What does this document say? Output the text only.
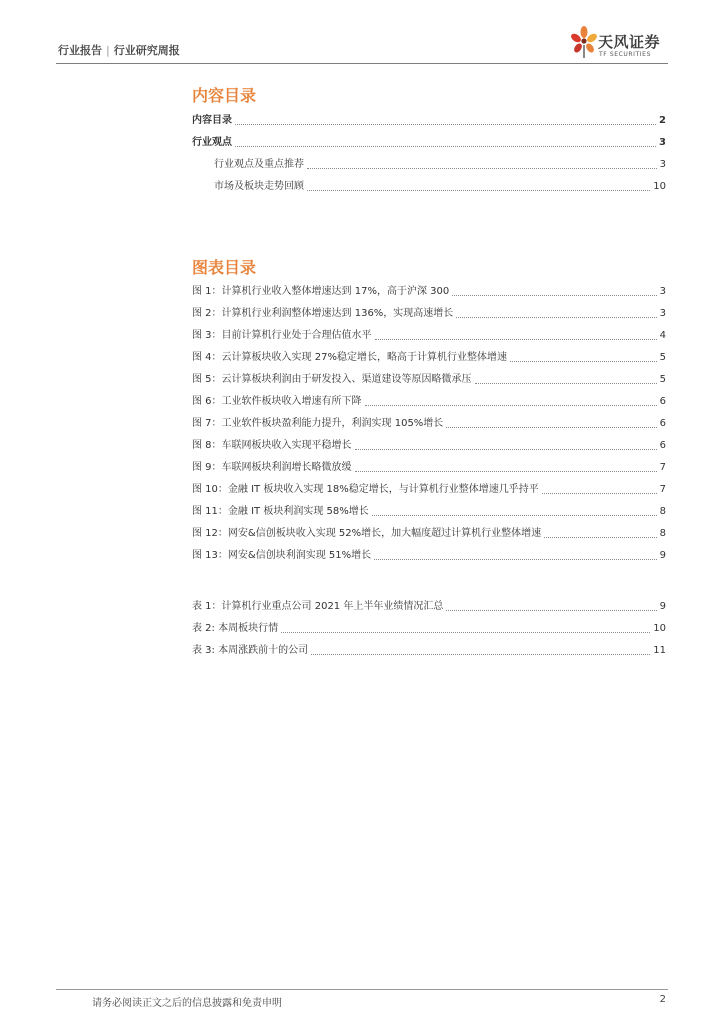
行业报告 | 行业研究周报	天风证券
TF SECURITIES
内容目录
内容目录	2
行业观点	3
行业观点及重点推荐	3
市场及板块走势回顾	10
图表目录
图 1：计算机行业收入整体增速达到 17%，高于沪深 300	3
图 2：计算机行业利润整体增速达到 136%，实现高速增长	3
图 3：目前计算机行业处于合理估值水平	4
图 4：云计算板块收入实现 27%稳定增长，略高于计算机行业整体增速	5
图 5：云计算板块利润由于研发投入、渠道建设等原因略微承压	5
图 6：工业软件板块收入增速有所下降	6
图 7：工业软件板块盈利能力提升，利润实现 105%增长	6
图 8：车联网板块收入实现平稳增长	6
图 9：车联网板块利润增长略微放缓	7
图 10：金融 IT 板块收入实现 18%稳定增长，与计算机行业整体增速几乎持平	7
图 11：金融 IT 板块利润实现 58%增长	8
图 12：网安&信创板块收入实现 52%增长，加大幅度超过计算机行业整体增速	8
图 13：网安&信创块利润实现 51%增长	9
表 1：计算机行业重点公司 2021 年上半年业绩情况汇总	9
表 2: 本周板块行情	10
表 3: 本周涨跌前十的公司	11
请务必阅读正文之后的信息披露和免责申明	2
